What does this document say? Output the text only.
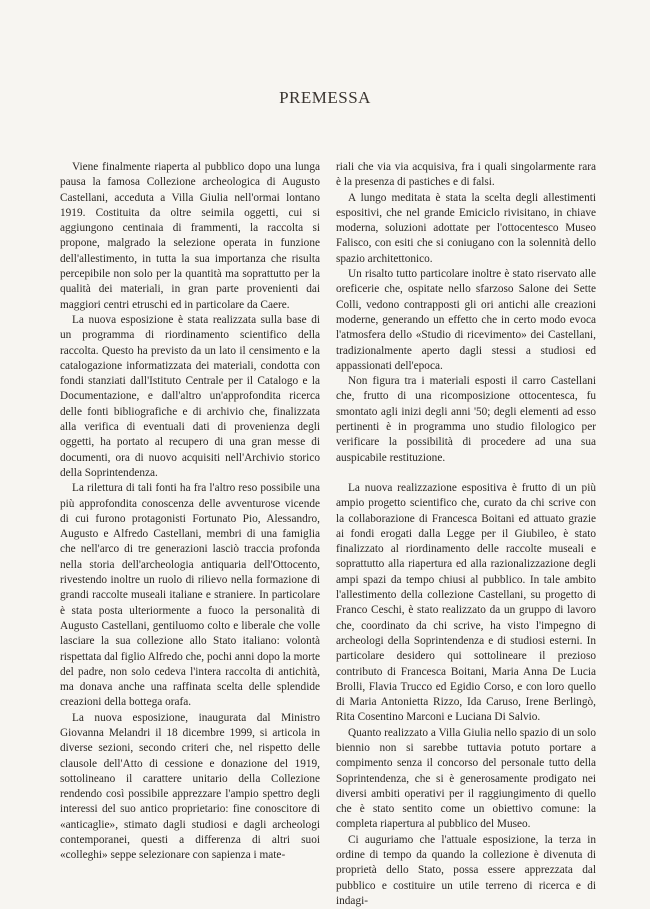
PREMESSA

Viene finalmente riaperta al pubblico dopo una lunga pausa la famosa Collezione archeologica di Augusto Castellani, acceduta a Villa Giulia nell'ormai lontano 1919. Costituita da oltre seimila oggetti, cui si aggiungono centinaia di frammenti, la raccolta si propone, malgrado la selezione operata in funzione dell'allestimento, in tutta la sua importanza che risulta percepibile non solo per la quantità ma soprattutto per la qualità dei materiali, in gran parte provenienti dai maggiori centri etruschi ed in particolare da Caere.

La nuova esposizione è stata realizzata sulla base di un programma di riordinamento scientifico della raccolta. Questo ha previsto da un lato il censimento e la catalogazione informatizzata dei materiali, condotta con fondi stanziati dall'Istituto Centrale per il Catalogo e la Documentazione, e dall'altro un'approfondita ricerca delle fonti bibliografiche e di archivio che, finalizzata alla verifica di eventuali dati di provenienza degli oggetti, ha portato al recupero di una gran messe di documenti, ora di nuovo acquisiti nell'Archivio storico della Soprintendenza.

La rilettura di tali fonti ha fra l'altro reso possibile una più approfondita conoscenza delle avventurose vicende di cui furono protagonisti Fortunato Pio, Alessandro, Augusto e Alfredo Castellani, membri di una famiglia che nell'arco di tre generazioni lasciò traccia profonda nella storia dell'archeologia antiquaria dell'Ottocento, rivestendo inoltre un ruolo di rilievo nella formazione di grandi raccolte museali italiane e straniere. In particolare è stata posta ulteriormente a fuoco la personalità di Augusto Castellani, gentiluomo colto e liberale che volle lasciare la sua collezione allo Stato italiano: volontà rispettata dal figlio Alfredo che, pochi anni dopo la morte del padre, non solo cedeva l'intera raccolta di antichità, ma donava anche una raffinata scelta delle splendide creazioni della bottega orafa.

La nuova esposizione, inaugurata dal Ministro Giovanna Melandri il 18 dicembre 1999, si articola in diverse sezioni, secondo criteri che, nel rispetto delle clausole dell'Atto di cessione e donazione del 1919, sottolineano il carattere unitario della Collezione rendendo così possibile apprezzare l'ampio spettro degli interessi del suo antico proprietario: fine conoscitore di «anticaglie», stimato dagli studiosi e dagli archeologi contemporanei, questi a differenza di altri suoi «colleghi» seppe selezionare con sapienza i mate-

riali che via via acquisiva, fra i quali singolarmente rara è la presenza di pastiches e di falsi.

A lungo meditata è stata la scelta degli allestimenti espositivi, che nel grande Emiciclo rivisitano, in chiave moderna, soluzioni adottate per l'ottocentesco Museo Falisco, con esiti che si coniugano con la solennità dello spazio architettonico.

Un risalto tutto particolare inoltre è stato riservato alle oreficerie che, ospitate nello sfarzoso Salone dei Sette Colli, vedono contrapposti gli ori antichi alle creazioni moderne, generando un effetto che in certo modo evoca l'atmosfera dello «Studio di ricevimento» dei Castellani, tradizionalmente aperto dagli stessi a studiosi ed appassionati dell'epoca.

Non figura tra i materiali esposti il carro Castellani che, frutto di una ricomposizione ottocentesca, fu smontato agli inizi degli anni '50; degli elementi ad esso pertinenti è in programma uno studio filologico per verificare la possibilità di procedere ad una sua auspicabile restituzione.

La nuova realizzazione espositiva è frutto di un più ampio progetto scientifico che, curato da chi scrive con la collaborazione di Francesca Boitani ed attuato grazie ai fondi erogati dalla Legge per il Giubileo, è stato finalizzato al riordinamento delle raccolte museali e soprattutto alla riapertura ed alla razionalizzazione degli ampi spazi da tempo chiusi al pubblico. In tale ambito l'allestimento della collezione Castellani, su progetto di Franco Ceschi, è stato realizzato da un gruppo di lavoro che, coordinato da chi scrive, ha visto l'impegno di archeologi della Soprintendenza e di studiosi esterni. In particolare desidero qui sottolineare il prezioso contributo di Francesca Boitani, Maria Anna De Lucia Brolli, Flavia Trucco ed Egidio Corso, e con loro quello di Maria Antonietta Rizzo, Ida Caruso, Irene Berlingò, Rita Cosentino Marconi e Luciana Di Salvio.

Quanto realizzato a Villa Giulia nello spazio di un solo biennio non si sarebbe tuttavia potuto portare a compimento senza il concorso del personale tutto della Soprintendenza, che si è generosamente prodigato nei diversi ambiti operativi per il raggiungimento di quello che è stato sentito come un obiettivo comune: la completa riapertura al pubblico del Museo.

Ci auguriamo che l'attuale esposizione, la terza in ordine di tempo da quando la collezione è divenuta di proprietà dello Stato, possa essere apprezzata dal pubblico e costituire un utile terreno di ricerca e di indagi-
